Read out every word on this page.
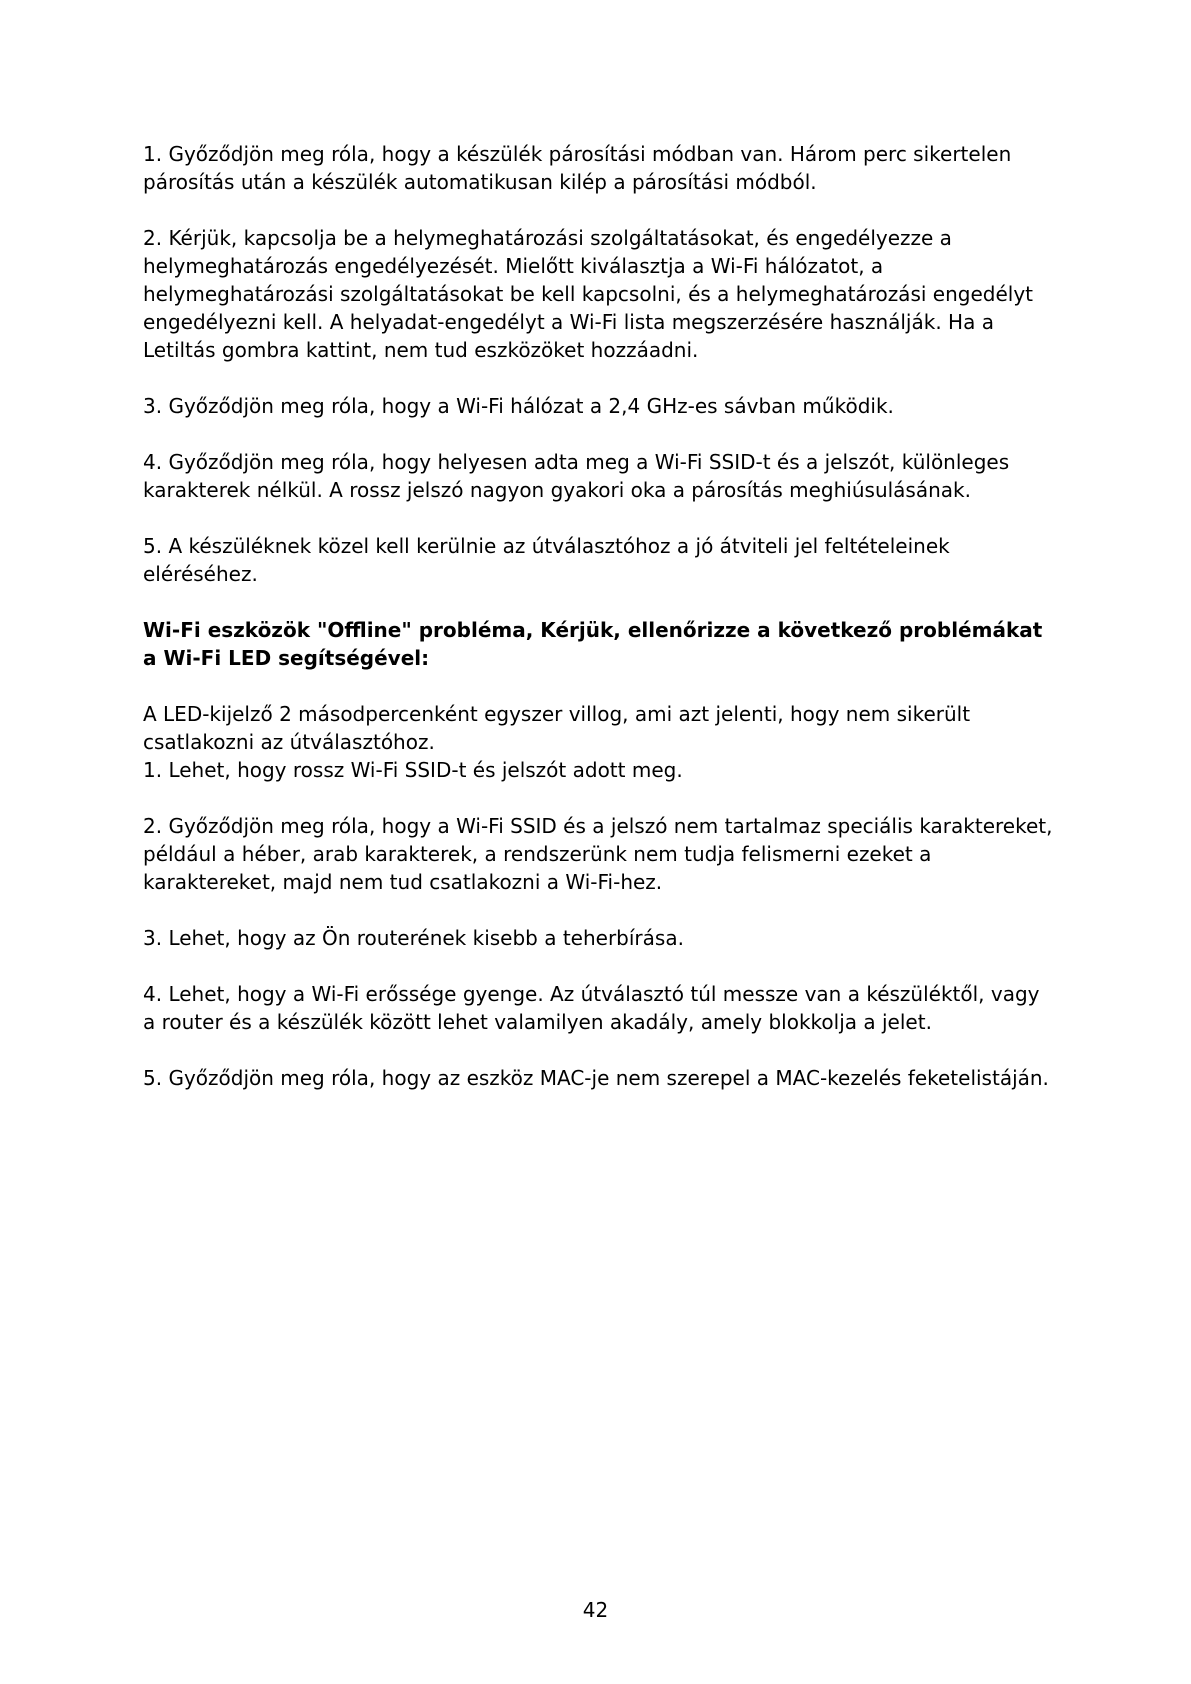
1. Győződjön meg róla, hogy a készülék párosítási módban van. Három perc sikertelen
párosítás után a készülék automatikusan kilép a párosítási módból.

2. Kérjük, kapcsolja be a helymeghatározási szolgáltatásokat, és engedélyezze a
helymeghatározás engedélyezését. Mielőtt kiválasztja a Wi-Fi hálózatot, a
helymeghatározási szolgáltatásokat be kell kapcsolni, és a helymeghatározási engedélyt
engedélyezni kell. A helyadat-engedélyt a Wi-Fi lista megszerzésére használják. Ha a
Letiltás gombra kattint, nem tud eszközöket hozzáadni.

3. Győződjön meg róla, hogy a Wi-Fi hálózat a 2,4 GHz-es sávban működik.

4. Győződjön meg róla, hogy helyesen adta meg a Wi-Fi SSID-t és a jelszót, különleges
karakterek nélkül. A rossz jelszó nagyon gyakori oka a párosítás meghiúsulásának.

5. A készüléknek közel kell kerülnie az útválasztóhoz a jó átviteli jel feltételeinek
eléréséhez.

Wi-Fi eszközök "Offline" probléma, Kérjük, ellenőrizze a következő problémákat
a Wi-Fi LED segítségével:

A LED-kijelző 2 másodpercenként egyszer villog, ami azt jelenti, hogy nem sikerült
csatlakozni az útválasztóhoz.

1. Lehet, hogy rossz Wi-Fi SSID-t és jelszót adott meg.

2. Győződjön meg róla, hogy a Wi-Fi SSID és a jelszó nem tartalmaz speciális karaktereket,
például a héber, arab karakterek, a rendszerünk nem tudja felismerni ezeket a
karaktereket, majd nem tud csatlakozni a Wi-Fi-hez.

3. Lehet, hogy az Ön routerének kisebb a teherbírása.

4. Lehet, hogy a Wi-Fi erőssége gyenge. Az útválasztó túl messze van a készüléktől, vagy
a router és a készülék között lehet valamilyen akadály, amely blokkolja a jelet.

5. Győződjön meg róla, hogy az eszköz MAC-je nem szerepel a MAC-kezelés feketelistáján.

42
